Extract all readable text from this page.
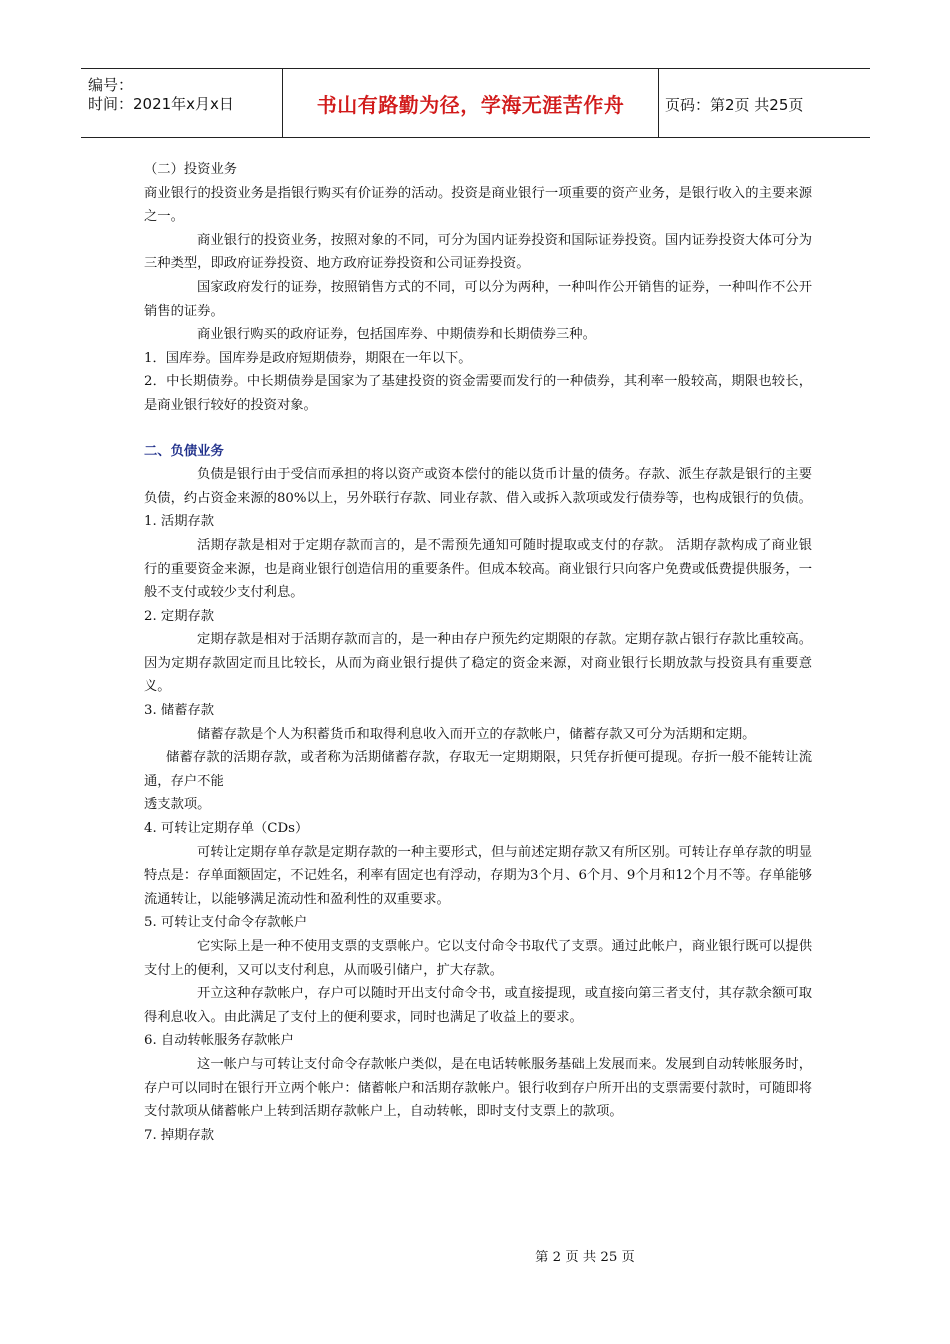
编号：
时间：2021年x月x日	书山有路勤为径，学海无涯苦作舟	页码：第2页 共25页

（二）投资业务

商业银行的投资业务是指银行购买有价证券的活动。投资是商业银行一项重要的资产业务，是银行收入的主要来源之一。

商业银行的投资业务，按照对象的不同，可分为国内证券投资和国际证券投资。国内证券投资大体可分为三种类型，即政府证券投资、地方政府证券投资和公司证券投资。

国家政府发行的证券，按照销售方式的不同，可以分为两种，一种叫作公开销售的证券，一种叫作不公开销售的证券。

商业银行购买的政府证券，包括国库券、中期债券和长期债券三种。

1．国库券。国库券是政府短期债券，期限在一年以下。

2．中长期债券。中长期债券是国家为了基建投资的资金需要而发行的一种债券，其利率一般较高，期限也较长，是商业银行较好的投资对象。

二、负债业务

负债是银行由于受信而承担的将以资产或资本偿付的能以货币计量的债务。存款、派生存款是银行的主要负债，约占资金来源的80%以上，另外联行存款、同业存款、借入或拆入款项或发行债券等，也构成银行的负债。

1. 活期存款

活期存款是相对于定期存款而言的，是不需预先通知可随时提取或支付的存款。 活期存款构成了商业银行的重要资金来源，也是商业银行创造信用的重要条件。但成本较高。商业银行只向客户免费或低费提供服务，一般不支付或较少支付利息。

2. 定期存款

定期存款是相对于活期存款而言的，是一种由存户预先约定期限的存款。定期存款占银行存款比重较高。因为定期存款固定而且比较长，从而为商业银行提供了稳定的资金来源，对商业银行长期放款与投资具有重要意义。

3. 储蓄存款

储蓄存款是个人为积蓄货币和取得利息收入而开立的存款帐户，储蓄存款又可分为活期和定期。

储蓄存款的活期存款，或者称为活期储蓄存款，存取无一定期期限，只凭存折便可提现。存折一般不能转让流通，存户不能

透支款项。

4. 可转让定期存单（CDs）

可转让定期存单存款是定期存款的一种主要形式，但与前述定期存款又有所区别。可转让存单存款的明显特点是：存单面额固定，不记姓名，利率有固定也有浮动，存期为3个月、6个月、9个月和12个月不等。存单能够流通转让，以能够满足流动性和盈利性的双重要求。

5. 可转让支付命令存款帐户

它实际上是一种不使用支票的支票帐户。它以支付命令书取代了支票。通过此帐户，商业银行既可以提供支付上的便利，又可以支付利息，从而吸引储户，扩大存款。

开立这种存款帐户，存户可以随时开出支付命令书，或直接提现，或直接向第三者支付，其存款余额可取得利息收入。由此满足了支付上的便利要求，同时也满足了收益上的要求。

6. 自动转帐服务存款帐户

这一帐户与可转让支付命令存款帐户类似，是在电话转帐服务基础上发展而来。发展到自动转帐服务时，存户可以同时在银行开立两个帐户：储蓄帐户和活期存款帐户。银行收到存户所开出的支票需要付款时，可随即将支付款项从储蓄帐户上转到活期存款帐户上，自动转帐，即时支付支票上的款项。

7. 掉期存款

第 2 页 共 25 页
